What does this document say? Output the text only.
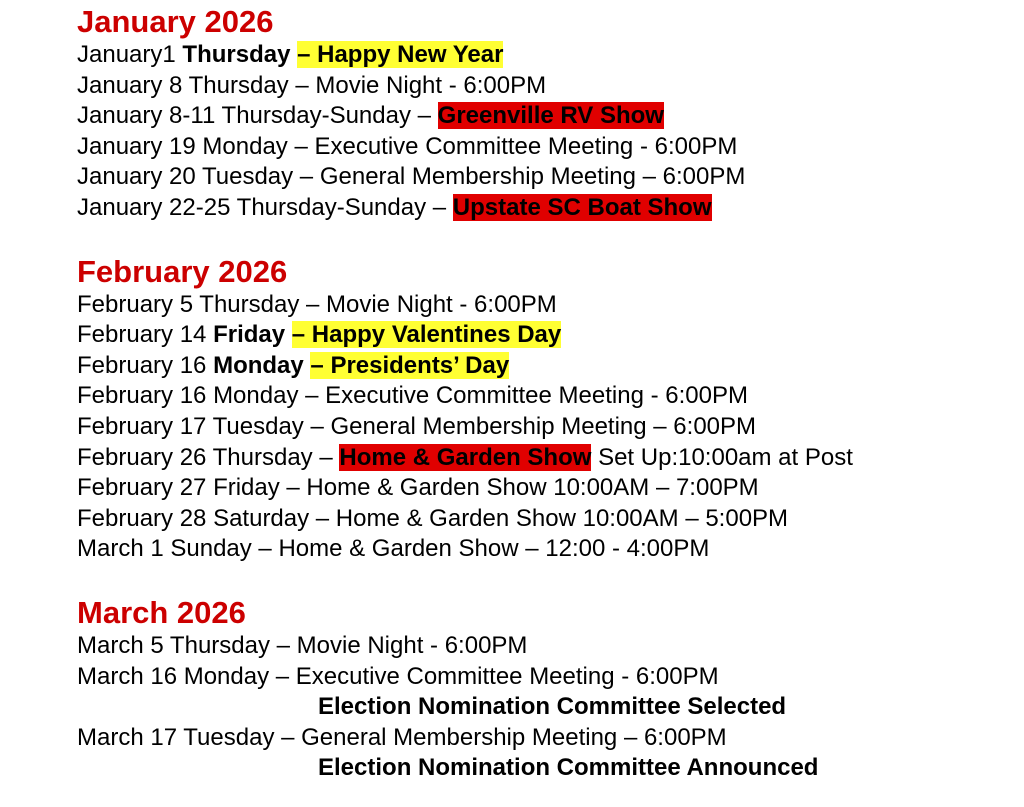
January 2026
January1 Thursday – Happy New Year
January 8 Thursday – Movie Night - 6:00PM
January 8-11 Thursday-Sunday – Greenville RV Show
January 19 Monday – Executive Committee Meeting - 6:00PM
January 20 Tuesday – General Membership Meeting – 6:00PM
January 22-25 Thursday-Sunday – Upstate SC Boat Show
February 2026
February 5 Thursday – Movie Night - 6:00PM
February 14 Friday – Happy Valentines Day
February 16 Monday – Presidents’ Day
February 16 Monday – Executive Committee Meeting - 6:00PM
February 17 Tuesday – General Membership Meeting – 6:00PM
February 26 Thursday – Home & Garden Show Set Up:10:00am at Post
February 27 Friday – Home & Garden Show 10:00AM – 7:00PM
February 28 Saturday – Home & Garden Show 10:00AM – 5:00PM
March 1 Sunday – Home & Garden Show – 12:00 - 4:00PM
March 2026
March 5 Thursday – Movie Night - 6:00PM
March 16 Monday – Executive Committee Meeting - 6:00PM
Election Nomination Committee Selected
March 17 Tuesday – General Membership Meeting – 6:00PM
Election Nomination Committee Announced
